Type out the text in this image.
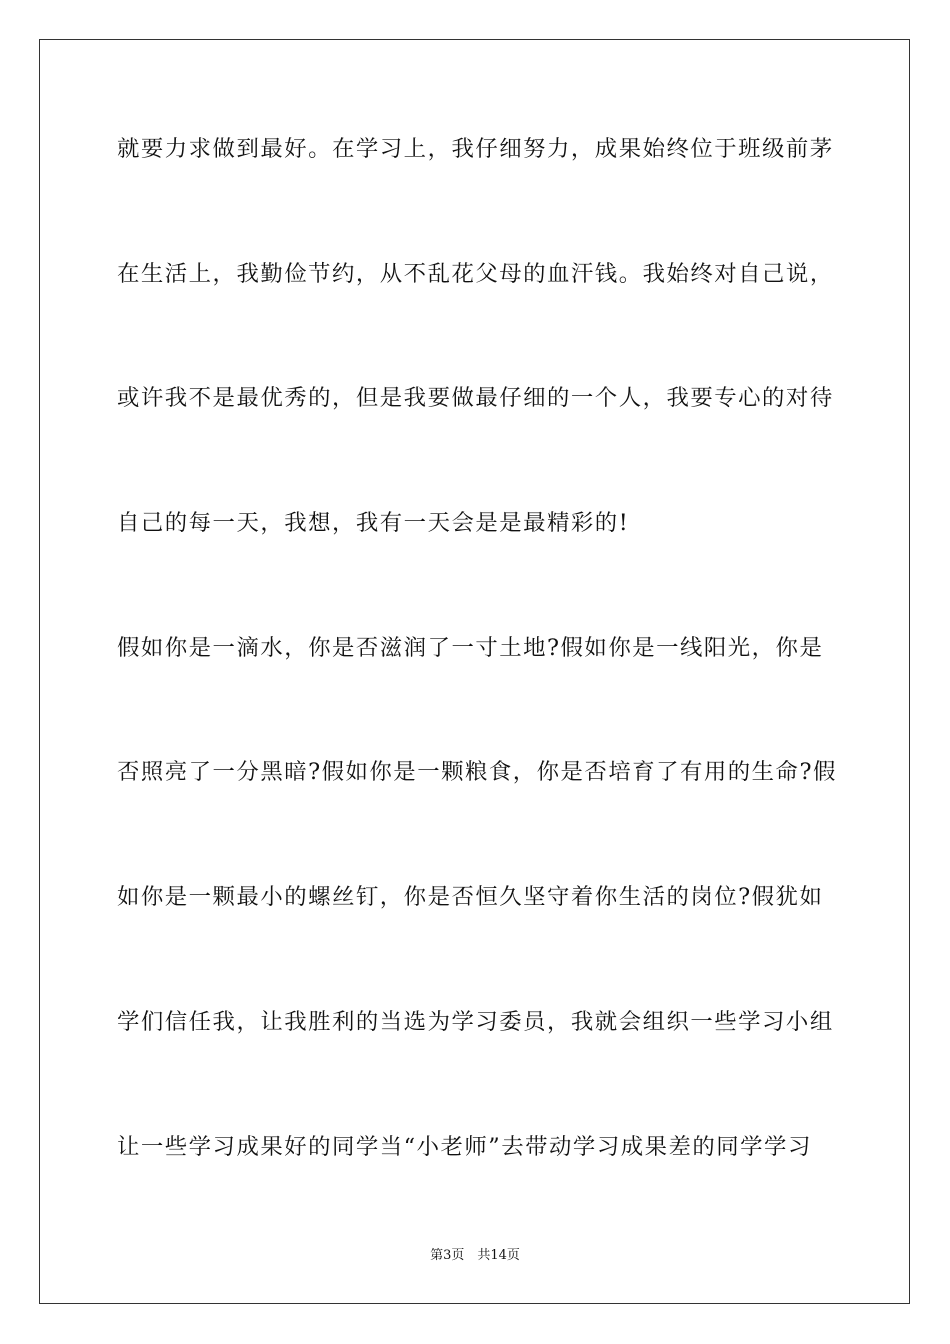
就要力求做到最好。在学习上，我仔细努力，成果始终位于班级前茅
在生活上，我勤俭节约，从不乱花父母的血汗钱。我始终对自己说，
或许我不是最优秀的，但是我要做最仔细的一个人，我要专心的对待
自己的每一天，我想，我有一天会是是最精彩的!
假如你是一滴水，你是否滋润了一寸土地?假如你是一线阳光，你是
否照亮了一分黑暗?假如你是一颗粮食，你是否培育了有用的生命?假
如你是一颗最小的螺丝钉，你是否恒久坚守着你生活的岗位?假犹如
学们信任我，让我胜利的当选为学习委员，我就会组织一些学习小组
让一些学习成果好的同学当“小老师”去带动学习成果差的同学学习
第3页　共14页
